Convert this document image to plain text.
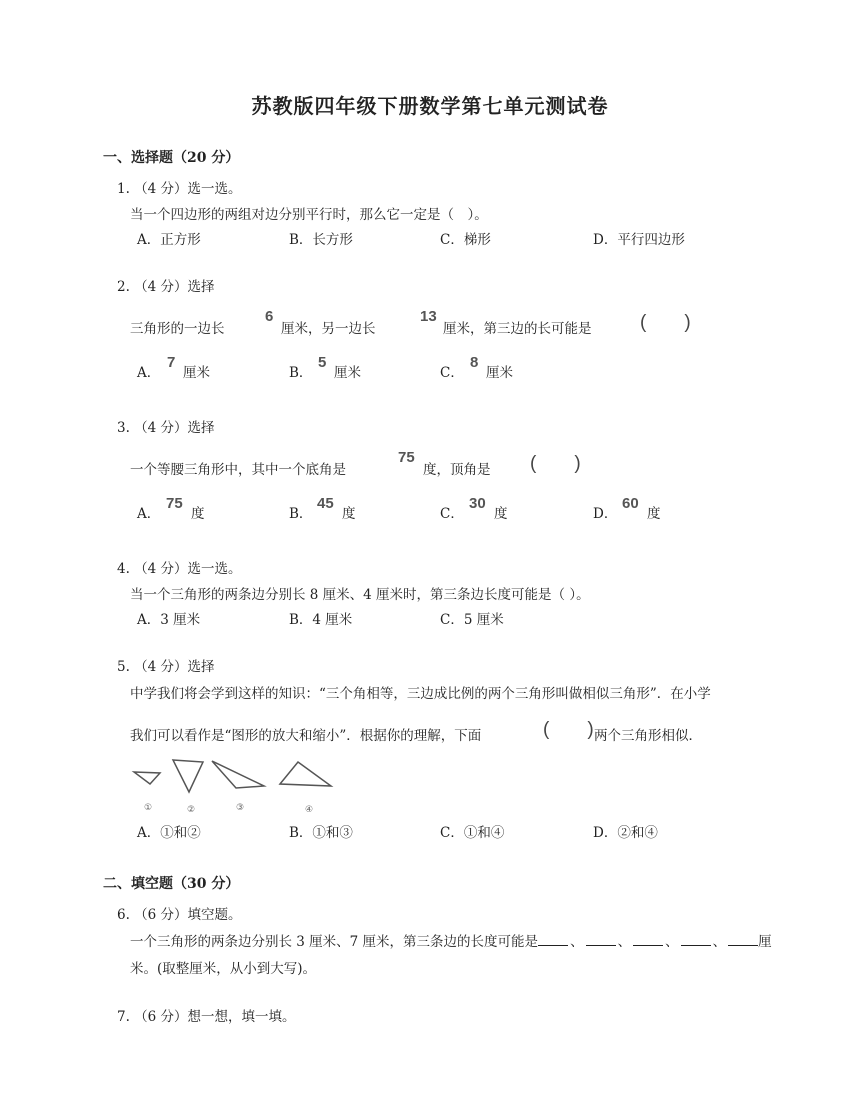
苏教版四年级下册数学第七单元测试卷
一、选择题（20 分）
1. （4 分）选一选。
当一个四边形的两组对边分别平行时，那么它一定是（　）。
A．正方形	B．长方形	C．梯形	D．平行四边形
2. （4 分）选择
三角形的一边长
6
厘米，另一边长
13
厘米，第三边的长可能是	(　　)
A．
7
厘米	B．
5
厘米	C．
8
厘米
3. （4 分）选择
一个等腰三角形中，其中一个底角是
75
度，顶角是 (　　)
A．
75
度	B．
45
度	C．
30
度	D．
60
度
4. （4 分）选一选。
当一个三角形的两条边分别长 8 厘米、4 厘米时，第三条边长度可能是（ ）。
A．3 厘米	B．4 厘米	C．5 厘米
5. （4 分）选择
中学我们将会学到这样的知识：“三个角相等，三边成比例的两个三角形叫做相似三角形”．在小学
我们可以看作是“图形的放大和缩小”．根据你的理解，下面	(　　) 两个三角形相似．
①	②	③	④
A．①和②	B．①和③	C．①和④	D．②和④
二、填空题（30 分）
6. （6 分）填空题。
一个三角形的两条边分别长 3 厘米、7 厘米，第三条边的长度可能是 、	、	、	、 厘
米。(取整厘米，从小到大写)。
7. （6 分）想一想，填一填。
